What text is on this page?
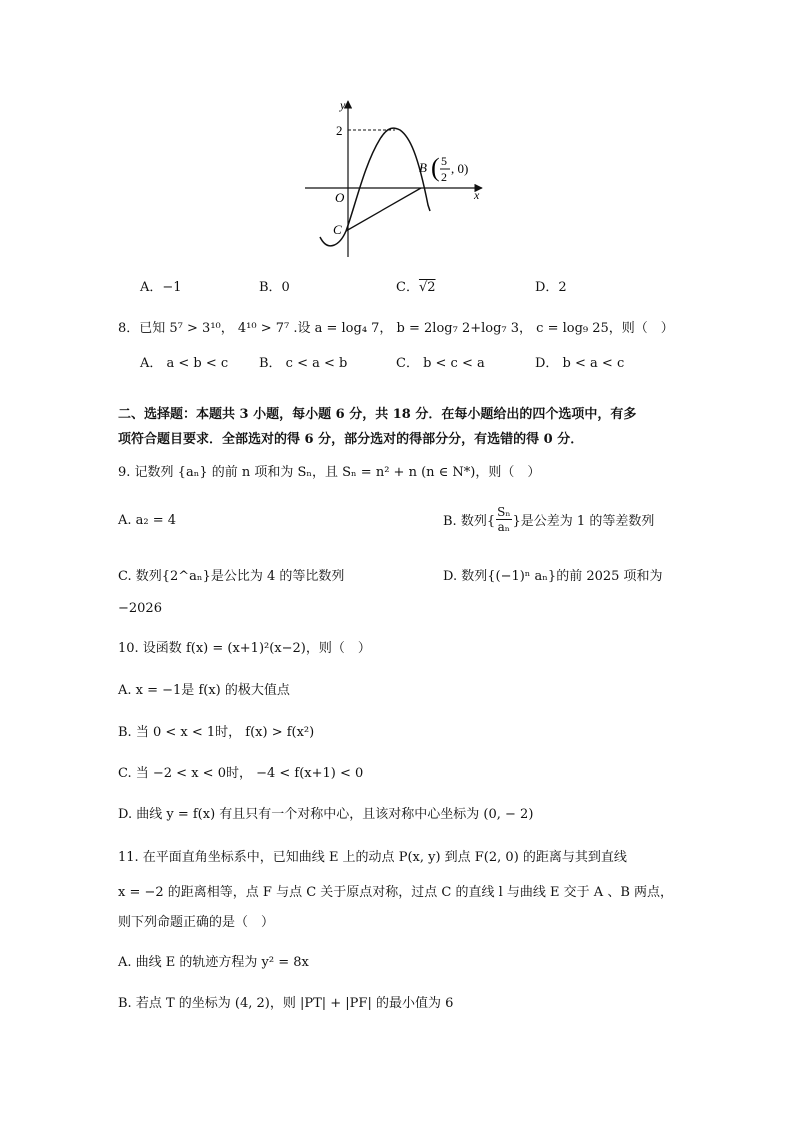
y
x
2
O
C
B ( 5
2
, 0)
A．−1	B．0	C．√2	D．2
8．已知 5⁷ > 3¹⁰， 4¹⁰ > 7⁷ .设 a = log₄ 7， b = 2log₇ 2+log₇ 3， c = log₉ 25，则（　）
A． a < b < c B． c < a < b	C． b < c < a	D． b < a < c
二、选择题：本题共 3 小题，每小题 6 分，共 18 分．在每小题给出的四个选项中，有多
项符合题目要求．全部选对的得 6 分，部分选对的得部分分，有选错的得 0 分．
9. 记数列 {aₙ} 的前 n 项和为 Sₙ，且 Sₙ = n² + n (n ∈ N*)，则（　）
A. a₂ = 4	B. 数列{ $\frac{\text{Sₙ}}{\text{aₙ}}$ }是公差为 1 的等差数列
C. 数列{2^aₙ}是公比为 4 的等比数列	D. 数列{(−1)ⁿ aₙ}的前 2025 项和为
−2026
10. 设函数 f(x) = (x+1)²(x−2)，则（　）
A. x = −1是 f(x) 的极大值点
B. 当 0 < x < 1时， f(x) > f(x²)
C. 当 −2 < x < 0时， −4 < f(x+1) < 0
D. 曲线 y = f(x) 有且只有一个对称中心，且该对称中心坐标为 (0, − 2)
11. 在平面直角坐标系中，已知曲线 E 上的动点 P(x, y) 到点 F(2, 0) 的距离与其到直线
x = −2 的距离相等，点 F 与点 C 关于原点对称，过点 C 的直线 l 与曲线 E 交于 A 、B 两点，
则下列命题正确的是（　）
A. 曲线 E 的轨迹方程为 y² = 8x
B. 若点 T 的坐标为 (4, 2)，则 |PT| + |PF| 的最小值为 6
